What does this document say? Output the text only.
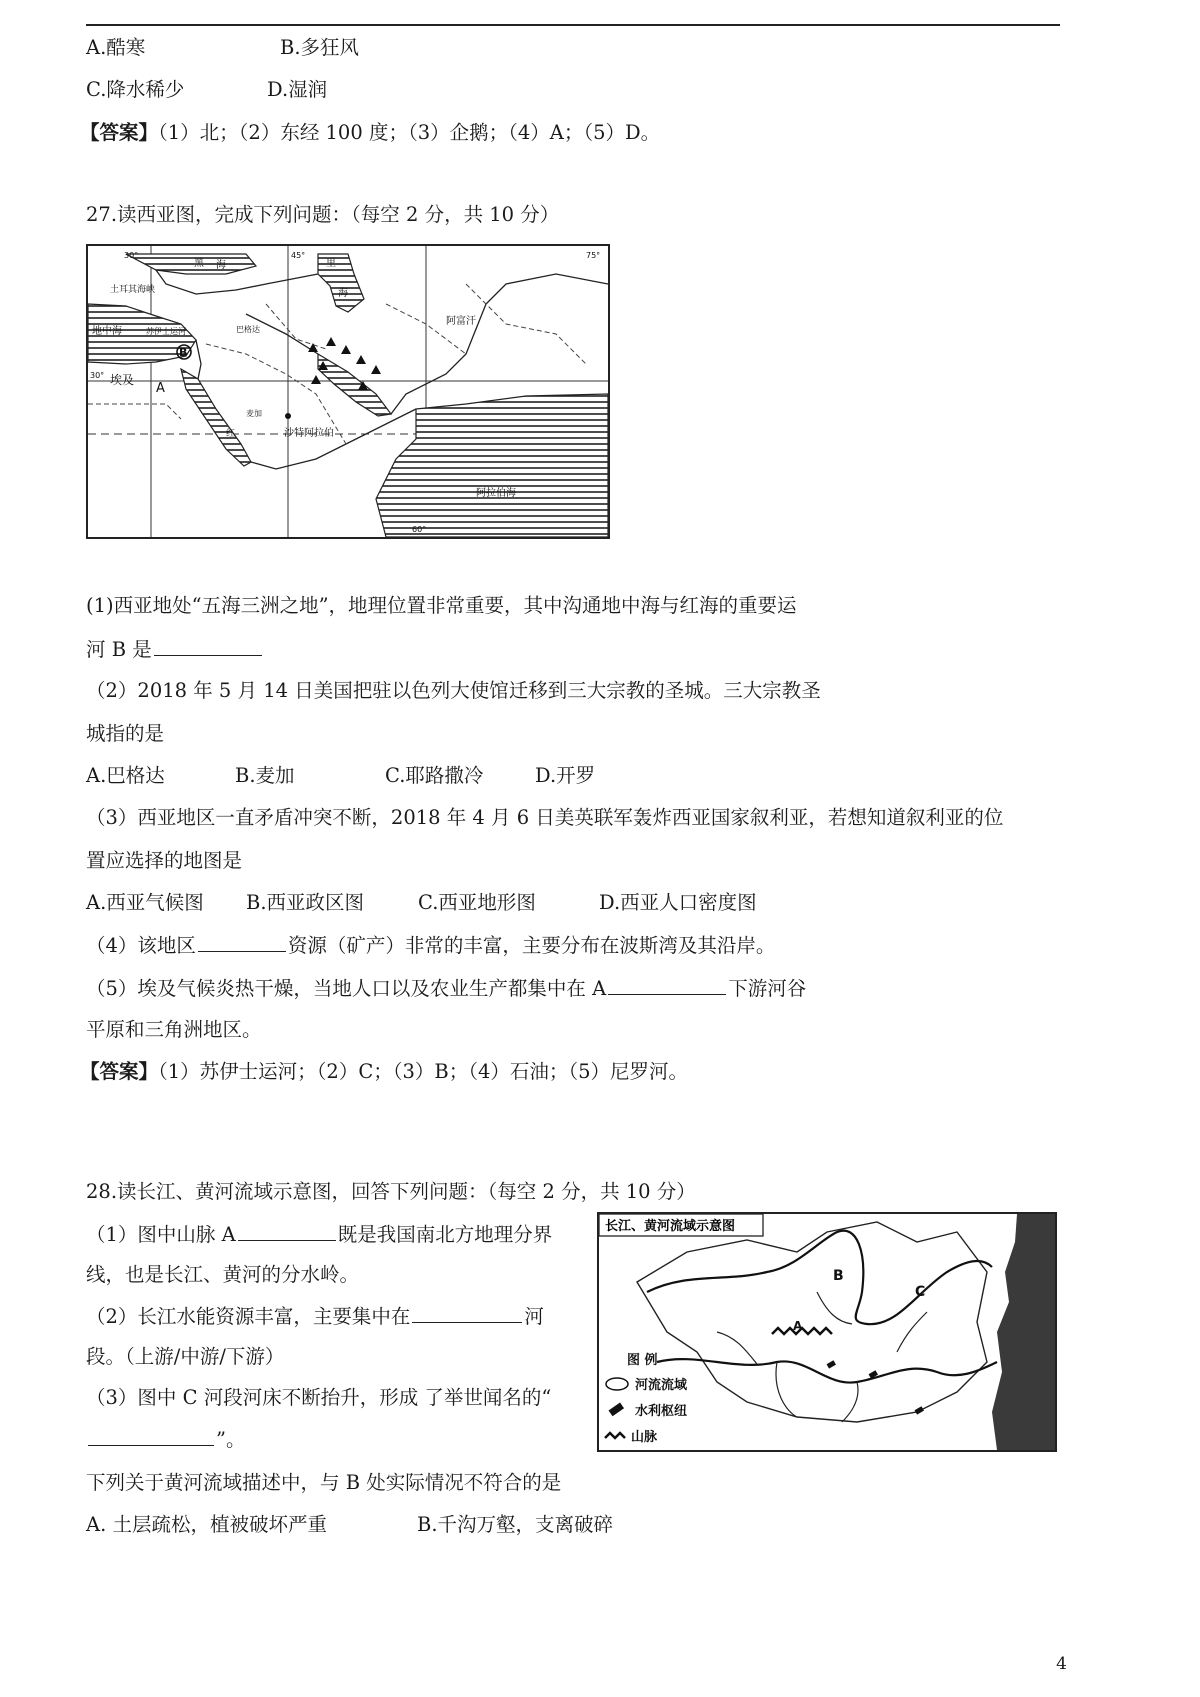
A.酷寒	B.多狂风
C.降水稀少	D.湿润
【答案】（1）北；（2）东经 100 度；（3）企鹅；（4）A；（5）D。
27.读西亚图，完成下列问题：（每空 2 分，共 10 分）
黑 海	里
海
土耳其海峡
地中海	苏伊士运河	巴格达
阿富汗
埃及
沙特阿拉伯
红
麦加
阿拉伯海
A
B
30°	45°
60°
75°
30°
(1)西亚地处“五海三洲之地”，地理位置非常重要，其中沟通地中海与红海的重要运
河 B 是
（2）2018 年 5 月 14 日美国把驻以色列大使馆迁移到三大宗教的圣城。三大宗教圣
城指的是
A.巴格达	B.麦加	C.耶路撒冷	D.开罗
（3）西亚地区一直矛盾冲突不断，2018 年 4 月 6 日美英联军轰炸西亚国家叙利亚，若想知道叙利亚的位
置应选择的地图是
A.西亚气候图 B.西亚政区图	C.西亚地形图	D.西亚人口密度图
（4）该地区	资源（矿产）非常的丰富，主要分布在波斯湾及其沿岸。
（5）埃及气候炎热干燥，当地人口以及农业生产都集中在 A	下游河谷
平原和三角洲地区。
【答案】（1）苏伊士运河；（2）C；（3）B；（4）石油；（5）尼罗河。
28.读长江、黄河流域示意图，回答下列问题：（每空 2 分，共 10 分）
（1）图中山脉 A	既是我国南北方地理分界
线，也是长江、黄河的分水岭。
（2）长江水能资源丰富，主要集中在	河
段。（上游/中游/下游）
（3）图中 C 河段河床不断抬升，形成 了举世闻名的“
”。
下列关于黄河流域描述中，与 B 处实际情况不符合的是
A. 土层疏松，植被破坏严重	B.千沟万壑，支离破碎
长江、黄河流域示意图
B
C
A
图 例
河流流域
水利枢纽
山脉
4
